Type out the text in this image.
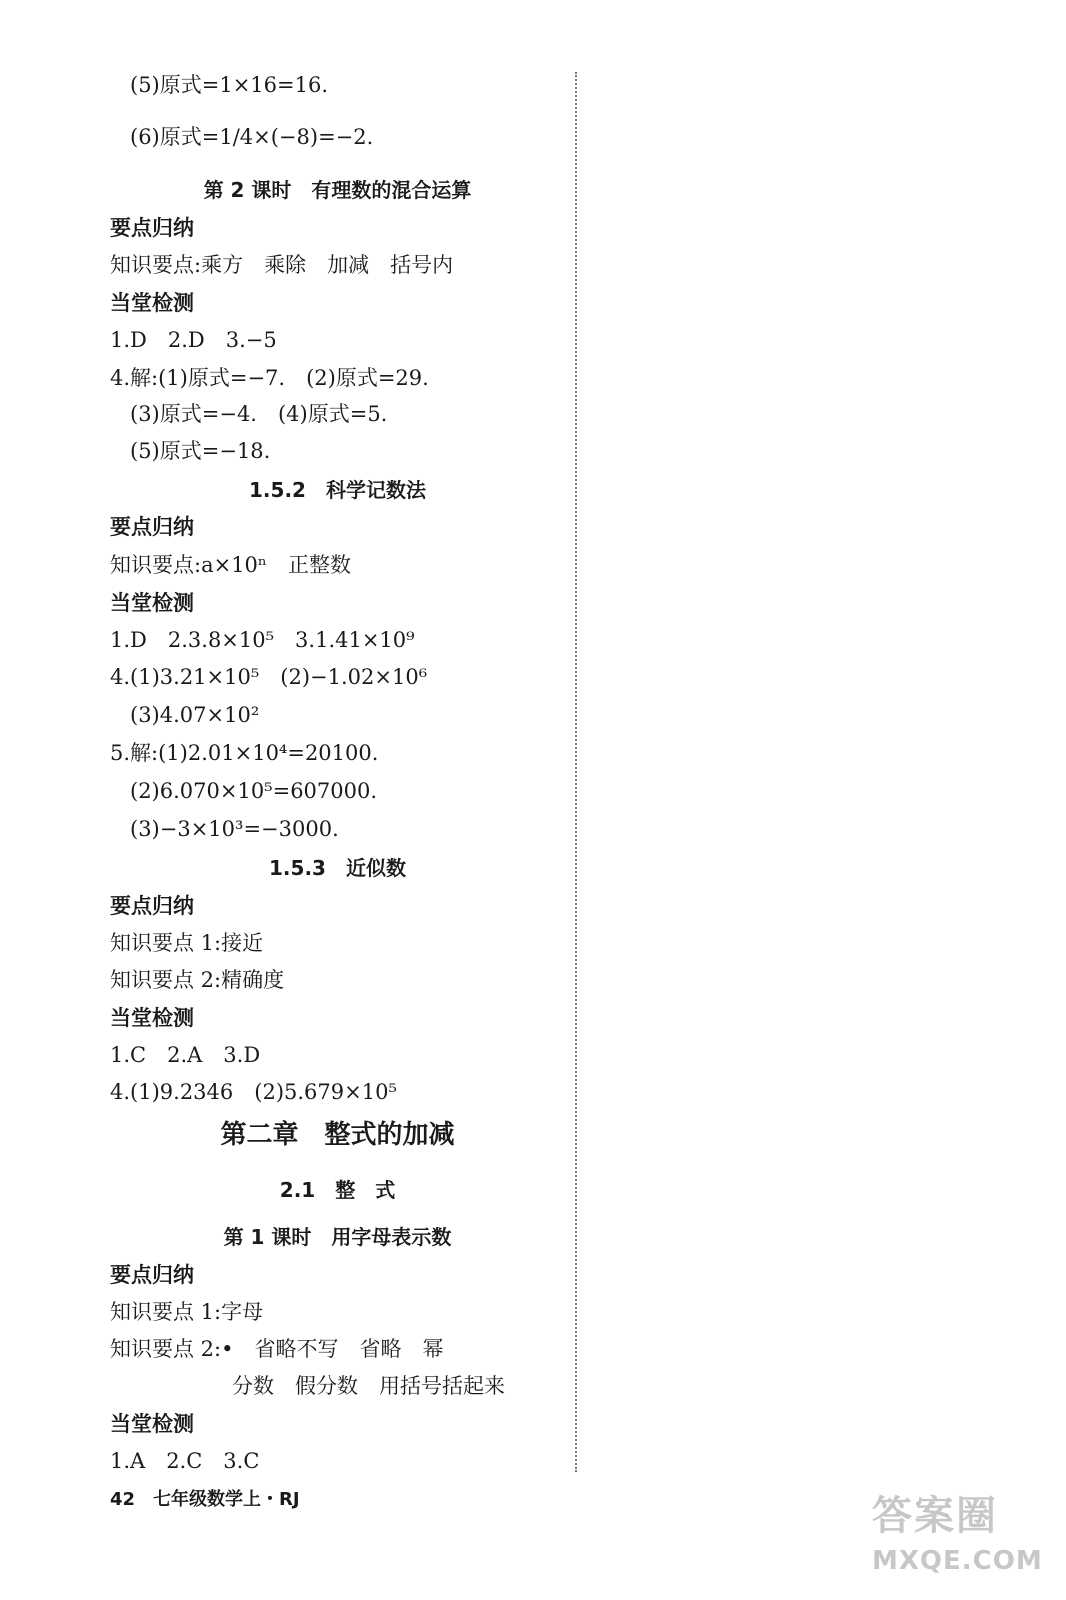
(5)原式=1×16=16.
(6)原式=1/4×(−8)=−2.
第 2 课时　有理数的混合运算
要点归纳
知识要点:乘方　乘除　加减　括号内
当堂检测
1.D　2.D　3.−5
4.解:(1)原式=−7.　(2)原式=29.
(3)原式=−4.　(4)原式=5.
(5)原式=−18.
1.5.2　科学记数法
要点归纳
知识要点:a×10ⁿ　正整数
当堂检测
1.D　2.3.8×10⁵　3.1.41×10⁹
4.(1)3.21×10⁵　(2)−1.02×10⁶
(3)4.07×10²
5.解:(1)2.01×10⁴=20100.
(2)6.070×10⁵=607000.
(3)−3×10³=−3000.
1.5.3　近似数
要点归纳
知识要点 1:接近
知识要点 2:精确度
当堂检测
1.C　2.A　3.D
4.(1)9.2346　(2)5.679×10⁵
第二章　整式的加减
2.1　整　式
第 1 课时　用字母表示数
要点归纳
知识要点 1:字母
知识要点 2:•　省略不写　省略　幂
分数　假分数　用括号括起来
当堂检测
1.A　2.C　3.C
42　七年级数学上・RJ	答案圈
MXQE.COM
